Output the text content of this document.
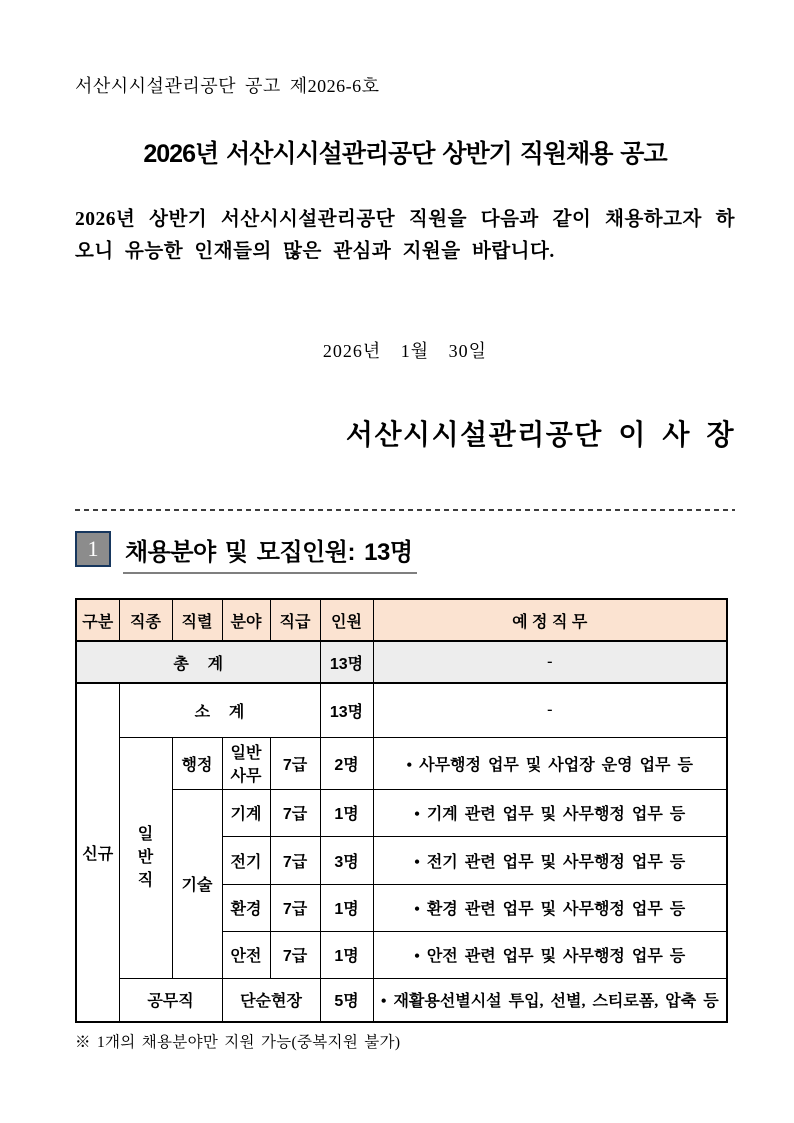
서산시시설관리공단 공고 제2026-6호
2026년 서산시시설관리공단 상반기 직원채용 공고

2026년 상반기 서산시시설관리공단 직원을 다음과 같이 채용하고자 하오니 유능한 인재들의 많은 관심과 지원을 바랍니다.

2026년 1월 30일
서산시시설관리공단 이 사 장
1	채용분야 및 모집인원: 13명
구분	직종	직렬	분야	직급	인원	예 정 직 무
총 계					13명	-
신규	소 계				13명	-

	일반직	행정	일반사무	7급	2명	• 사무행정 업무 및 사업장 운영 업무 등
		기술	기계	7급	1명	• 기계 관련 업무 및 사무행정 업무 등
			전기	7급	3명	• 전기 관련 업무 및 사무행정 업무 등
			환경	7급	1명	• 환경 관련 업무 및 사무행정 업무 등
			안전	7급	1명	• 안전 관련 업무 및 사무행정 업무 등
	공무직		단순현장		5명	• 재활용선별시설 투입, 선별, 스티로폼, 압축 등
※ 1개의 채용분야만 지원 가능(중복지원 불가)
